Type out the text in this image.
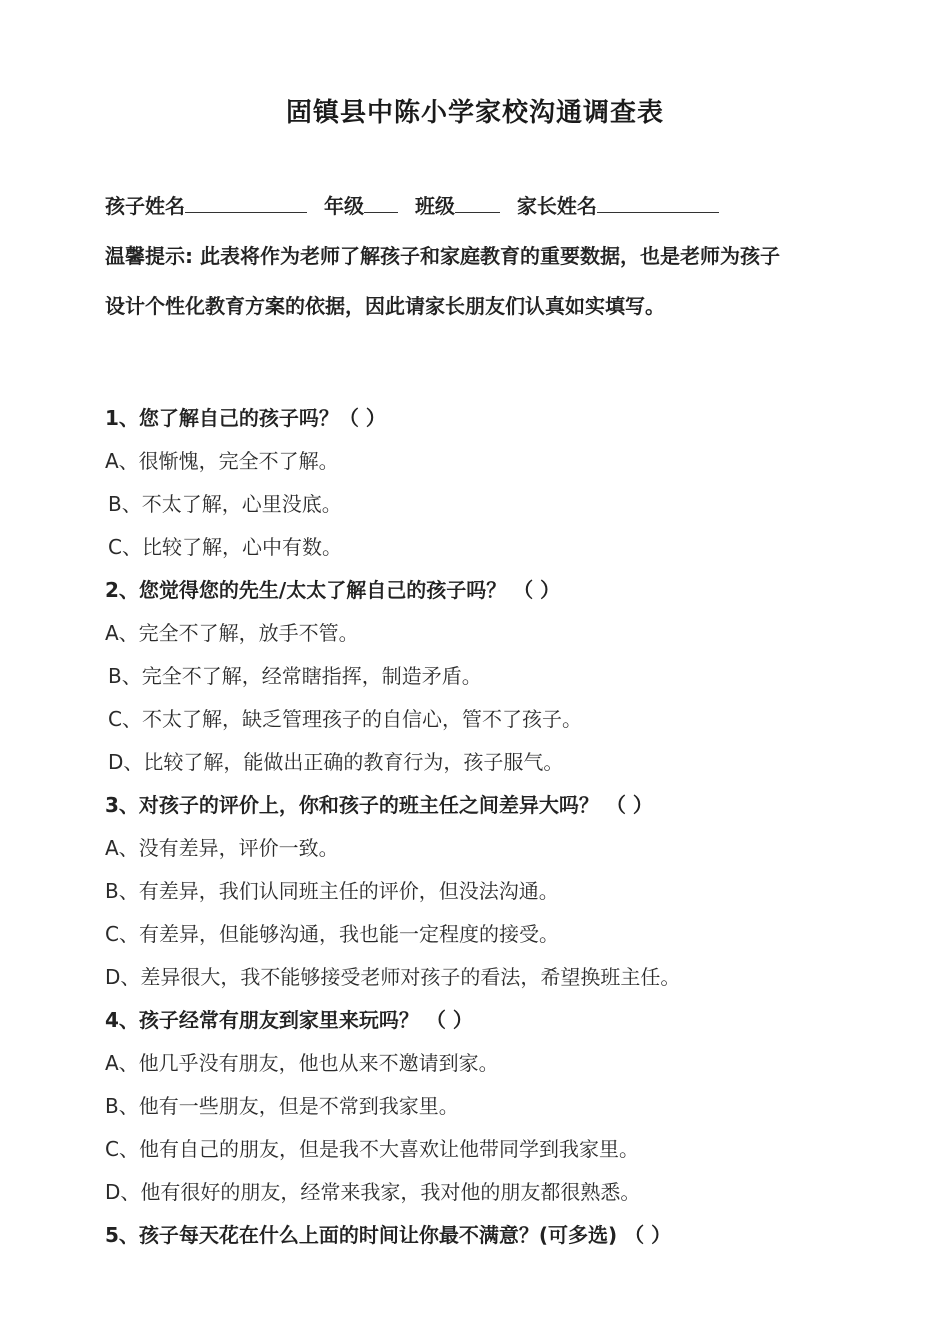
固镇县中陈小学家校沟通调查表
孩子姓名	年级	班级	家长姓名
温馨提示: 此表将作为老师了解孩子和家庭教育的重要数据，也是老师为孩子
设计个性化教育方案的依据，因此请家长朋友们认真如实填写。
1、您了解自己的孩子吗？（ ）
A、很惭愧，完全不了解。
B、不太了解，心里没底。
C、比较了解，心中有数。
2、您觉得您的先生/太太了解自己的孩子吗？ （ ）
A、完全不了解，放手不管。
B、完全不了解，经常瞎指挥，制造矛盾。
C、不太了解，缺乏管理孩子的自信心，管不了孩子。
D、比较了解，能做出正确的教育行为，孩子服气。
3、对孩子的评价上，你和孩子的班主任之间差异大吗？ （ ）
A、没有差异，评价一致。
B、有差异，我们认同班主任的评价，但没法沟通。
C、有差异，但能够沟通，我也能一定程度的接受。
D、差异很大，我不能够接受老师对孩子的看法，希望换班主任。
4、孩子经常有朋友到家里来玩吗？ （ ）
A、他几乎没有朋友，他也从来不邀请到家。
B、他有一些朋友，但是不常到我家里。
C、他有自己的朋友，但是我不大喜欢让他带同学到我家里。
D、他有很好的朋友，经常来我家，我对他的朋友都很熟悉。
5、孩子每天花在什么上面的时间让你最不满意？(可多选) （ ）
